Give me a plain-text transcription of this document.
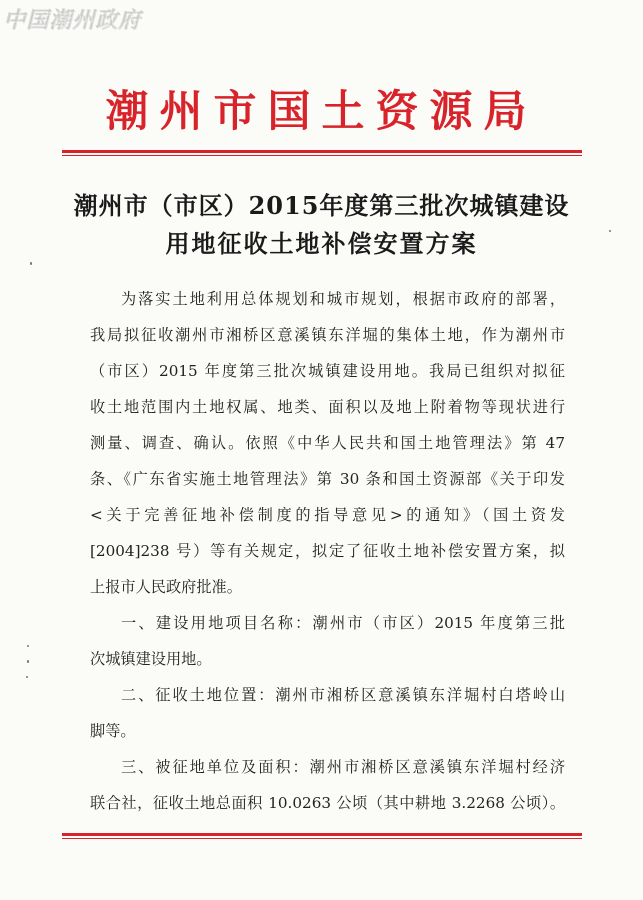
中国潮州政府
潮州市国土资源局
潮州市（市区）2015年度第三批次城镇建设
用地征收土地补偿安置方案
为落实土地利用总体规划和城市规划，根据市政府的部署，
我局拟征收潮州市湘桥区意溪镇东洋堀的集体土地，作为潮州市
（市区）2015 年度第三批次城镇建设用地。我局已组织对拟征
收土地范围内土地权属、地类、面积以及地上附着物等现状进行
测量、调查、确认。依照《中华人民共和国土地管理法》第 47
条、《广东省实施土地管理法》第 30 条和国土资源部《关于印发
<关于完善征地补偿制度的指导意见>的通知》（国土资发
[2004]238 号）等有关规定，拟定了征收土地补偿安置方案，拟
上报市人民政府批准。
一、建设用地项目名称：潮州市（市区）2015 年度第三批
次城镇建设用地。
二、征收土地位置：潮州市湘桥区意溪镇东洋堀村白塔岭山
脚等。
三、被征地单位及面积：潮州市湘桥区意溪镇东洋堀村经济
联合社，征收土地总面积 10.0263 公顷（其中耕地 3.2268 公顷）。
